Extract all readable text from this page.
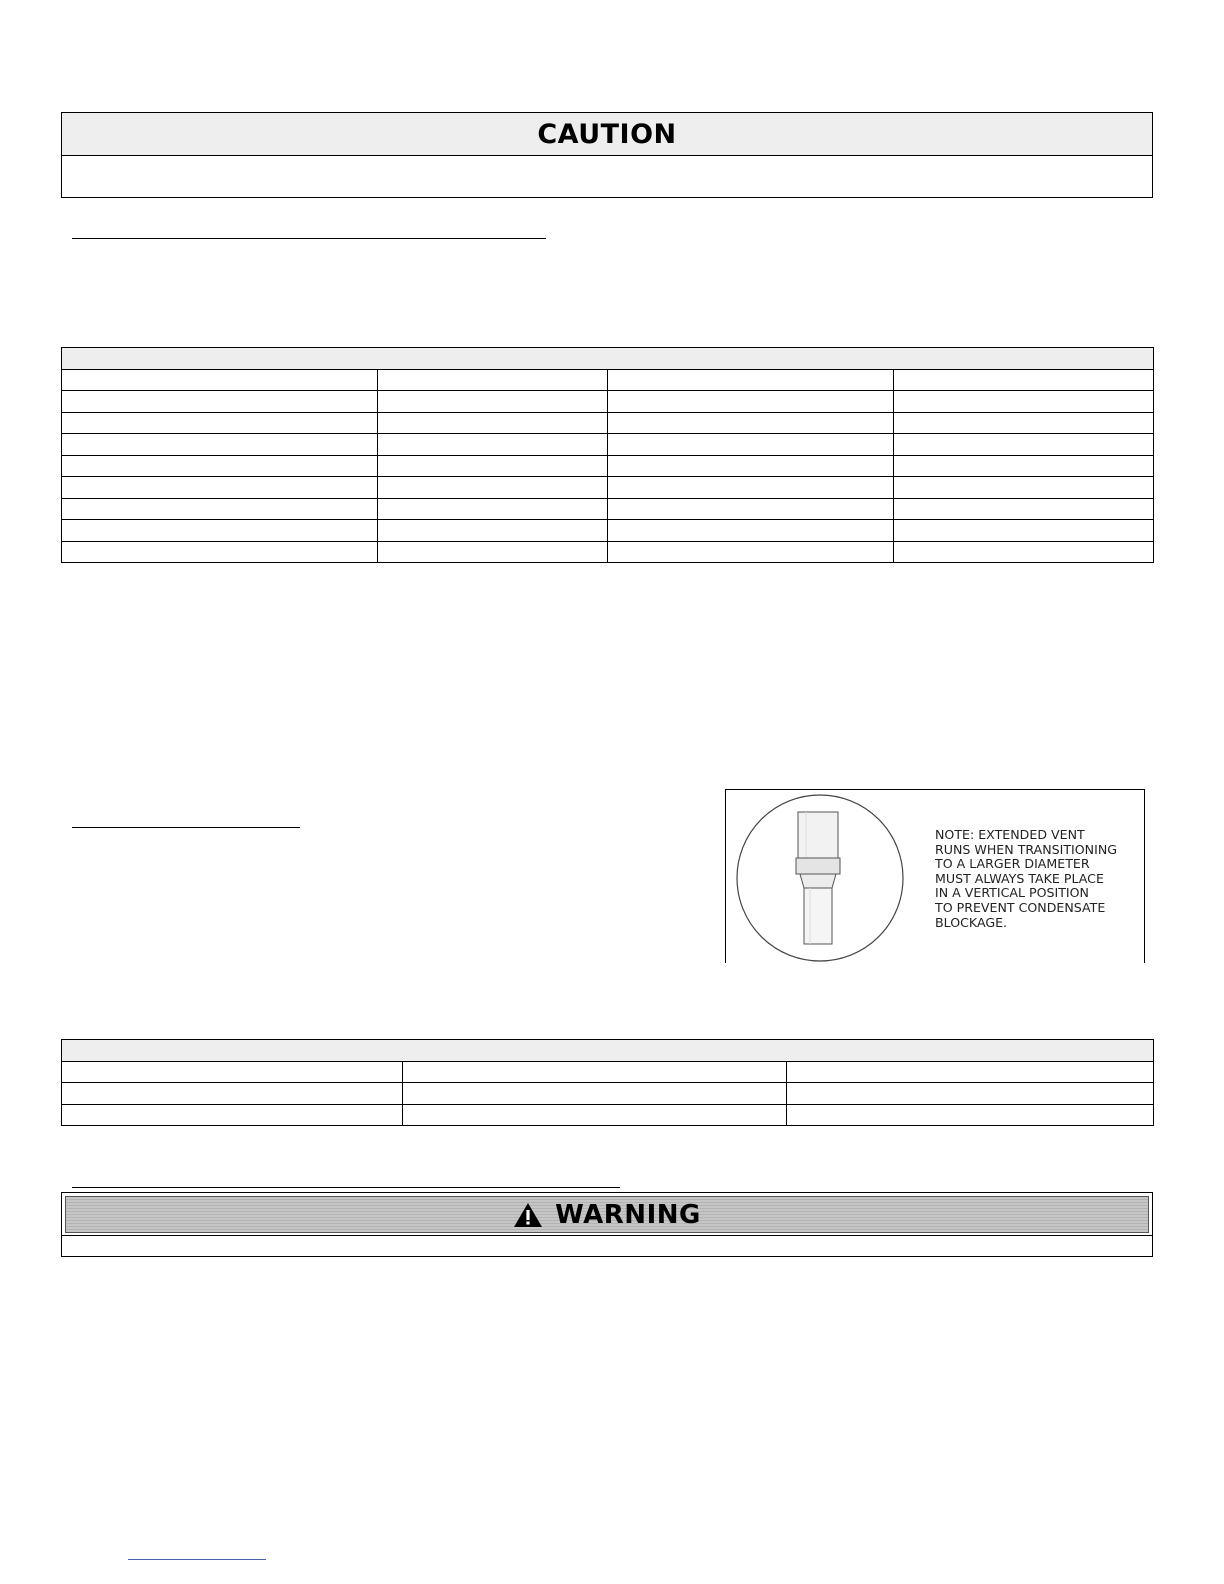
CAUTION

NOTE: EXTENDED VENT
RUNS WHEN TRANSITIONING
TO A LARGER DIAMETER
MUST ALWAYS TAKE PLACE
IN A VERTICAL POSITION
TO PREVENT CONDENSATE
BLOCKAGE.

WARNING
